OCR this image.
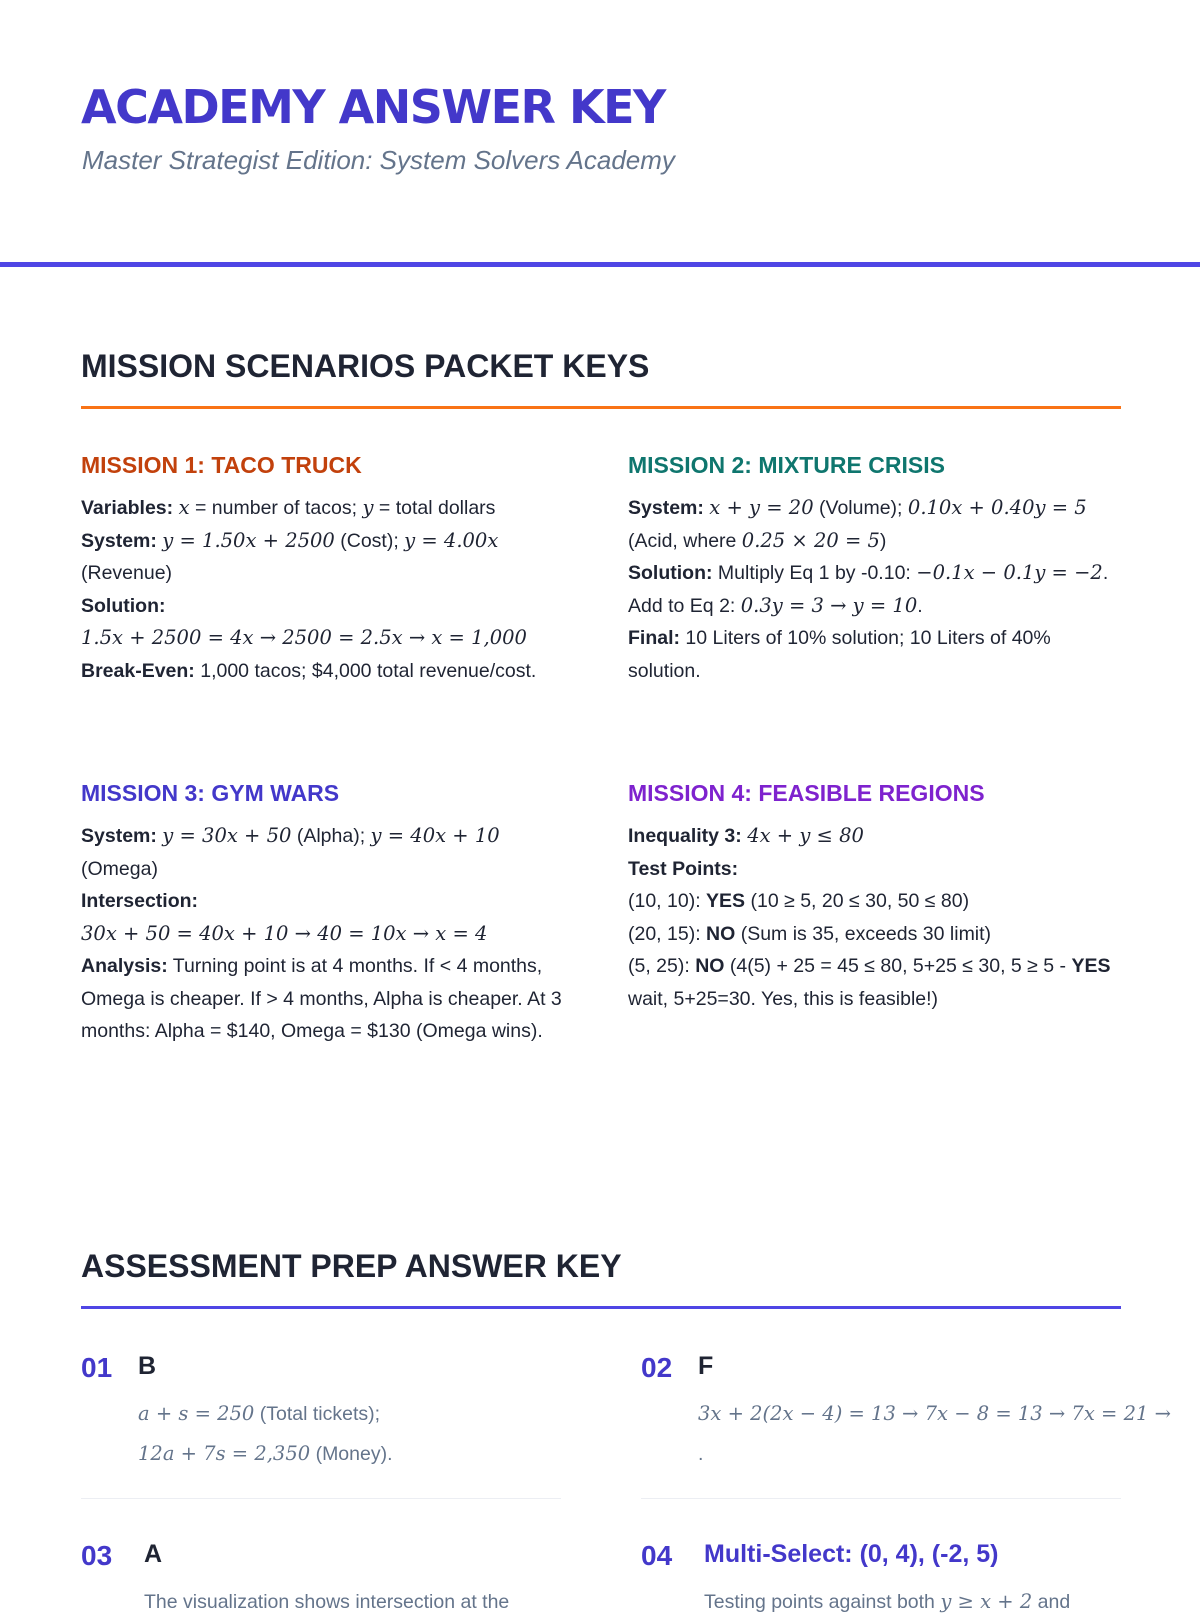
ACADEMY ANSWER KEY

Master Strategist Edition: System Solvers Academy

MISSION SCENARIOS PACKET KEYS
MISSION 1: TACO TRUCK

Variables: x = number of tacos; y = total dollars

System: y = 1.50x + 2500 (Cost); y = 4.00x (Revenue)

Solution:
1.5x + 2500 = 4x → 2500 = 2.5x → x = 1,000

Break-Even: 1,000 tacos; $4,000 total revenue/cost.

MISSION 2: MIXTURE CRISIS

System: x + y = 20 (Volume); 0.10x + 0.40y = 5 (Acid, where 0.25 × 20 = 5)

Solution: Multiply Eq 1 by -0.10: −0.1x − 0.1y = −2. Add to Eq 2: 0.3y = 3 → y = 10.

Final: 10 Liters of 10% solution; 10 Liters of 40% solution.

MISSION 3: GYM WARS

System: y = 30x + 50 (Alpha); y = 40x + 10 (Omega)

Intersection:
30x + 50 = 40x + 10 → 40 = 10x → x = 4

Analysis: Turning point is at 4 months. If < 4 months, Omega is cheaper. If > 4 months, Alpha is cheaper. At 3 months: Alpha = $140, Omega = $130 (Omega wins).

MISSION 4: FEASIBLE REGIONS

Inequality 3: 4x + y ≤ 80

Test Points:

(10, 10): YES (10 ≥ 5, 20 ≤ 30, 50 ≤ 80)

(20, 15): NO (Sum is 35, exceeds 30 limit)

(5, 25): NO (4(5) + 25 = 45 ≤ 80, 5+25 ≤ 30, 5 ≥ 5 - YES wait, 5+25=30. Yes, this is feasible!)

ASSESSMENT PREP ANSWER KEY
01 B
a + s = 250 (Total tickets);
12a + 7s = 2,350 (Money).
02 F
3x + 2(2x − 4) = 13 → 7x − 8 = 13 → 7x = 21 →
.
03 A
The visualization shows intersection at the
04 Multi-Select: (0, 4), (-2, 5)
Testing points against both y ≥ x + 2 and
